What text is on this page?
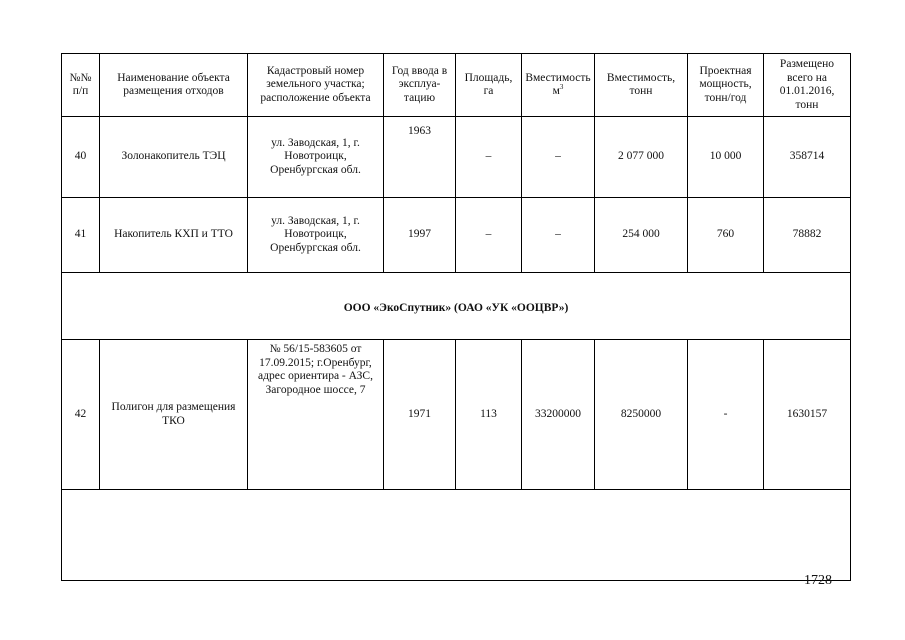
№№ п/п	Наименование объекта размещения отходов	Кадастровый номер земельного участка; расположение объекта	Год ввода в эксплуа-тацию	Площадь, га	Вместимость $м^3$	Вместимость, тонн	Проектная мощность, тонн/год	Размещено всего на 01.01.2016, тонн
40	Золонакопитель ТЭЦ	ул. Заводская, 1, г. Новотроицк, Оренбургская обл.	1963	–	–	2 077 000	10 000	358714
41	Накопитель КХП и ТТО	ул. Заводская, 1, г. Новотроицк, Оренбургская обл.	1997	–	–	254 000	760	78882
ООО «ЭкоСпутник» (ОАО «УК «ООЦВР»)								
42	Полигон для размещения ТКО	№ 56/15-583605 от 17.09.2015; г.Оренбург, адрес ориентира - АЗС, Загородное шоссе, 7	1971	113	33200000	8250000	-	1630157

1728
